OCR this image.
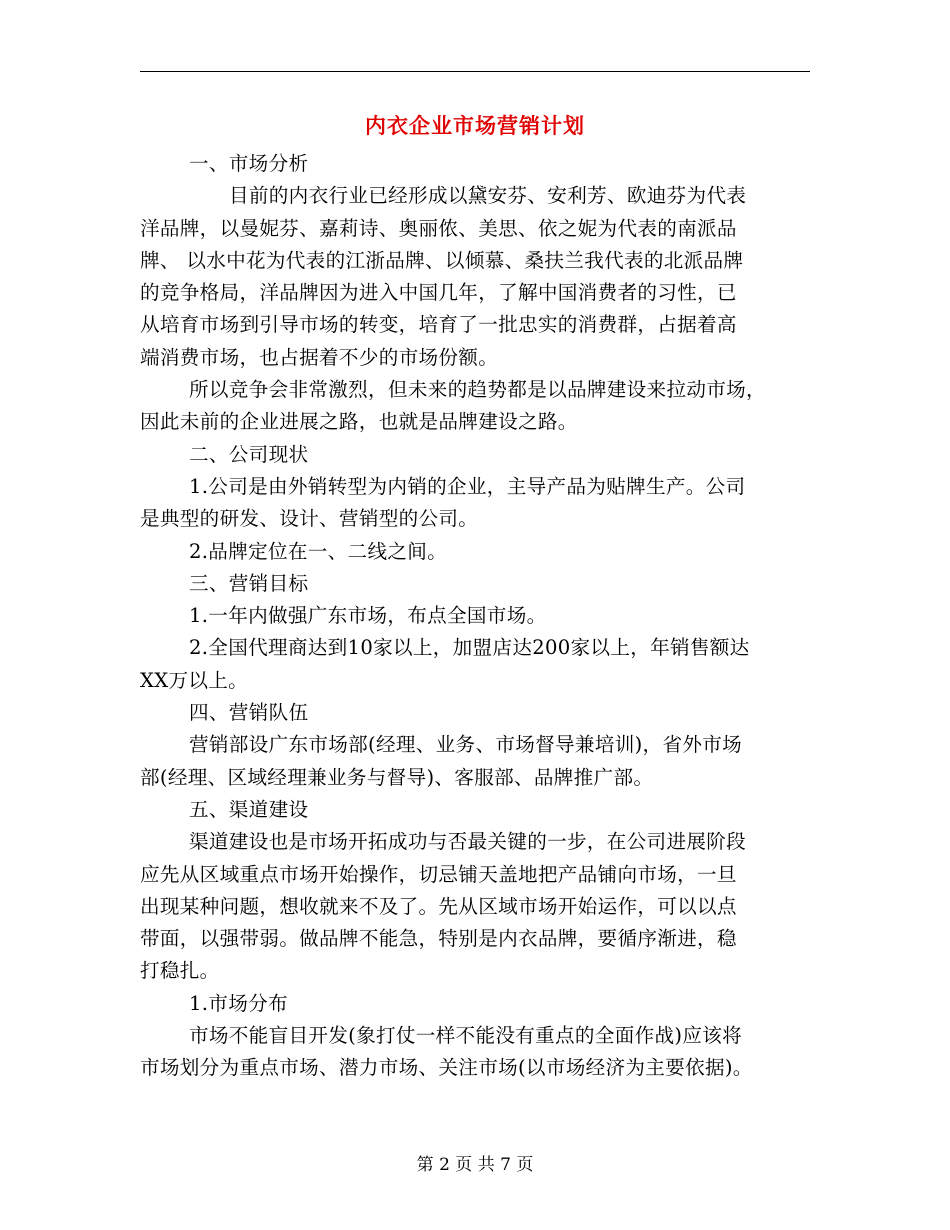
内衣企业市场营销计划
一、市场分析
目前的内衣行业已经形成以黛安芬、安利芳、欧迪芬为代表
洋品牌，以曼妮芬、嘉莉诗、奥丽侬、美思、依之妮为代表的南派品
牌、 以水中花为代表的江浙品牌、以倾慕、桑扶兰我代表的北派品牌
的竞争格局，洋品牌因为进入中国几年，了解中国消费者的习性，已
从培育市场到引导市场的转变，培育了一批忠实的消费群，占据着高
端消费市场，也占据着不少的市场份额。
所以竞争会非常激烈，但未来的趋势都是以品牌建设来拉动市场，
因此未前的企业进展之路，也就是品牌建设之路。
二、公司现状
1.公司是由外销转型为内销的企业，主导产品为贴牌生产。公司
是典型的研发、设计、营销型的公司。
2.品牌定位在一、二线之间。
三、营销目标
1.一年内做强广东市场，布点全国市场。
2.全国代理商达到10家以上，加盟店达200家以上，年销售额达
XX万以上。
四、营销队伍
营销部设广东市场部(经理、业务、市场督导兼培训)，省外市场
部(经理、区域经理兼业务与督导)、客服部、品牌推广部。
五、渠道建设
渠道建设也是市场开拓成功与否最关键的一步，在公司进展阶段
应先从区域重点市场开始操作，切忌铺天盖地把产品铺向市场，一旦
出现某种问题，想收就来不及了。先从区域市场开始运作，可以以点
带面，以强带弱。做品牌不能急，特别是内衣品牌，要循序渐进，稳
打稳扎。
1.市场分布
市场不能盲目开发(象打仗一样不能没有重点的全面作战)应该将
市场划分为重点市场、潜力市场、关注市场(以市场经济为主要依据)。
第 2 页 共 7 页
